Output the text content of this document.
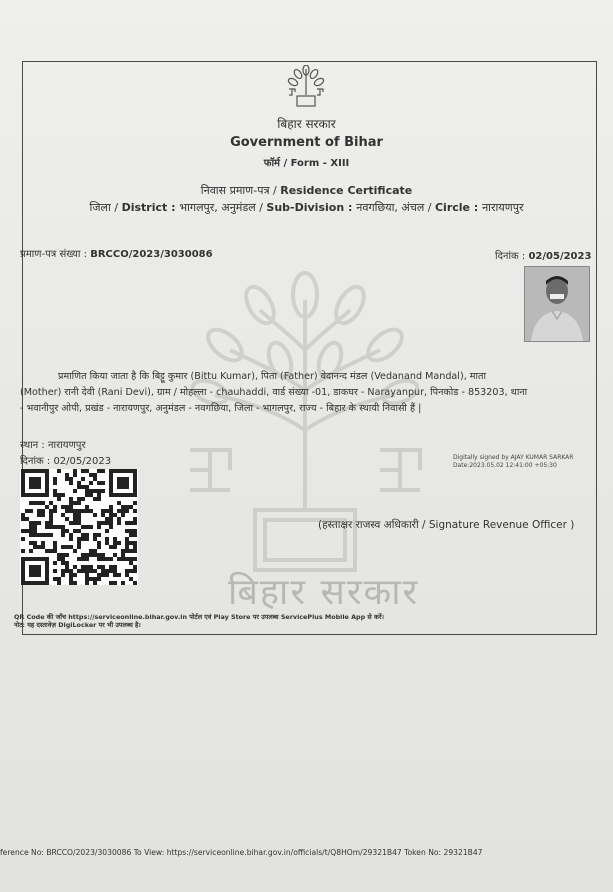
बिहार सरकार
बिहार सरकार
Government of Bihar
फॉर्म / Form - XIII
निवास प्रमाण-पत्र / Residence Certificate
जिला / District : भागलपुर, अनुमंडल / Sub-Division : नवगछिया, अंचल / Circle : नारायणपुर
प्रमाण-पत्र संख्या : BRCCO/2023/3030086	दिनांक : 02/05/2023
प्रमाणित किया जाता है कि बिट्टू कुमार (Bittu Kumar), पिता (Father) वेदानन्द मंडल (Vedanand Mandal), माता
(Mother) रानी देवी (Rani Devi), ग्राम / मोहल्ला - chauhaddi, वार्ड संख्या -01, डाकघर - Narayanpur, पिनकोड - 853203, थाना
- भवानीपुर ओपी, प्रखंड - नारायणपुर, अनुमंडल - नवगछिया, जिला - भागलपुर, राज्य - बिहार के स्थायी निवासी हैं |
स्थान : नारायणपुर
दिनांक : 02/05/2023	Digitally signed by AJAY KUMAR SARKAR
Date:2023.05.02 12:41:00 +05:30
(हस्ताक्षर राजस्व अधिकारी / Signature Revenue Officer )
QR Code की जाँच https://serviceonline.bihar.gov.in पोर्टल एवं Play Store पर उपलब्ध ServicePlus Mobile App से करें।
नोट: यह दस्तावेज़ DigiLocker पर भी उपलब्ध है।
ference No: BRCCO/2023/3030086 To View: https://serviceonline.bihar.gov.in/officials/t/Q8HOm/29321B47 Token No: 29321B47
